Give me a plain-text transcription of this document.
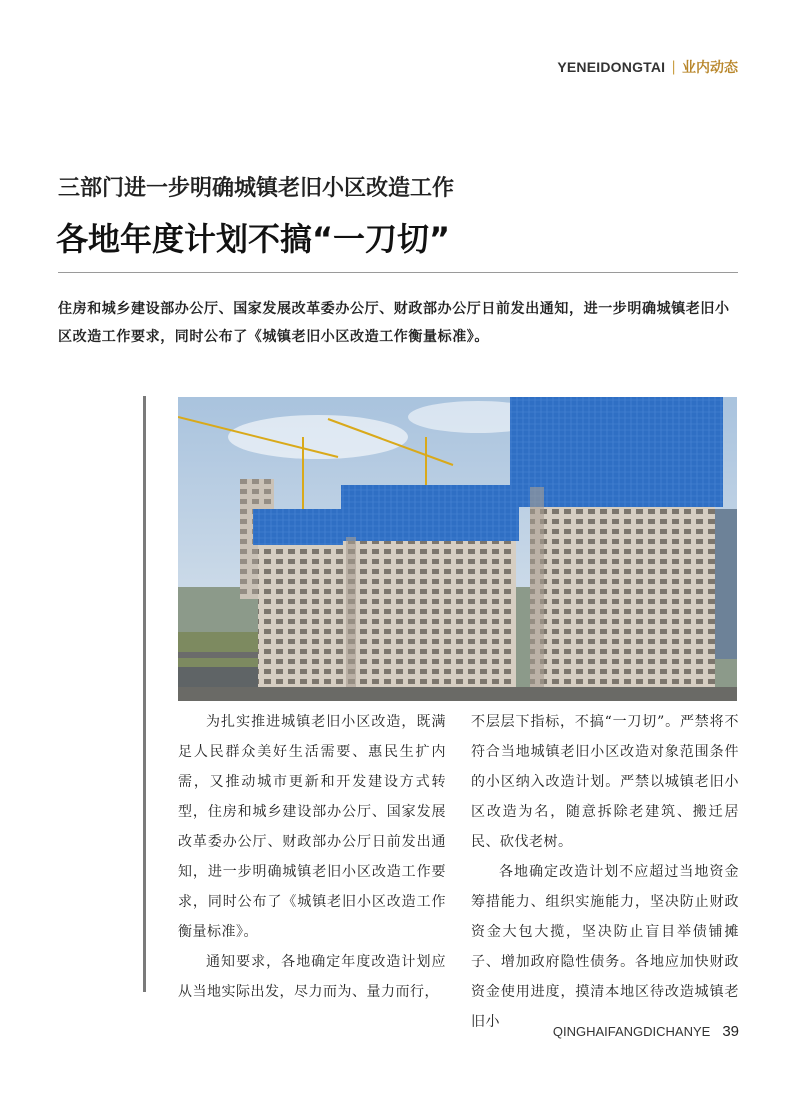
YENEIDONGTAI | 业内动态
三部门进一步明确城镇老旧小区改造工作
各地年度计划不搞“一刀切”
住房和城乡建设部办公厅、国家发展改革委办公厅、财政部办公厅日前发出通知，进一步明确城镇老旧小区改造工作要求，同时公布了《城镇老旧小区改造工作衡量标准》。

为扎实推进城镇老旧小区改造，既满足人民群众美好生活需要、惠民生扩内需，又推动城市更新和开发建设方式转型，住房和城乡建设部办公厅、国家发展改革委办公厅、财政部办公厅日前发出通知，进一步明确城镇老旧小区改造工作要求，同时公布了《城镇老旧小区改造工作衡量标准》。

通知要求，各地确定年度改造计划应从当地实际出发，尽力而为、量力而行，

不层层下指标，不搞“一刀切”。严禁将不符合当地城镇老旧小区改造对象范围条件的小区纳入改造计划。严禁以城镇老旧小区改造为名，随意拆除老建筑、搬迁居民、砍伐老树。

各地确定改造计划不应超过当地资金筹措能力、组织实施能力，坚决防止财政资金大包大揽，坚决防止盲目举债铺摊子、增加政府隐性债务。各地应加快财政资金使用进度，摸清本地区待改造城镇老旧小

QINGHAIFANGDICHANYE 39
